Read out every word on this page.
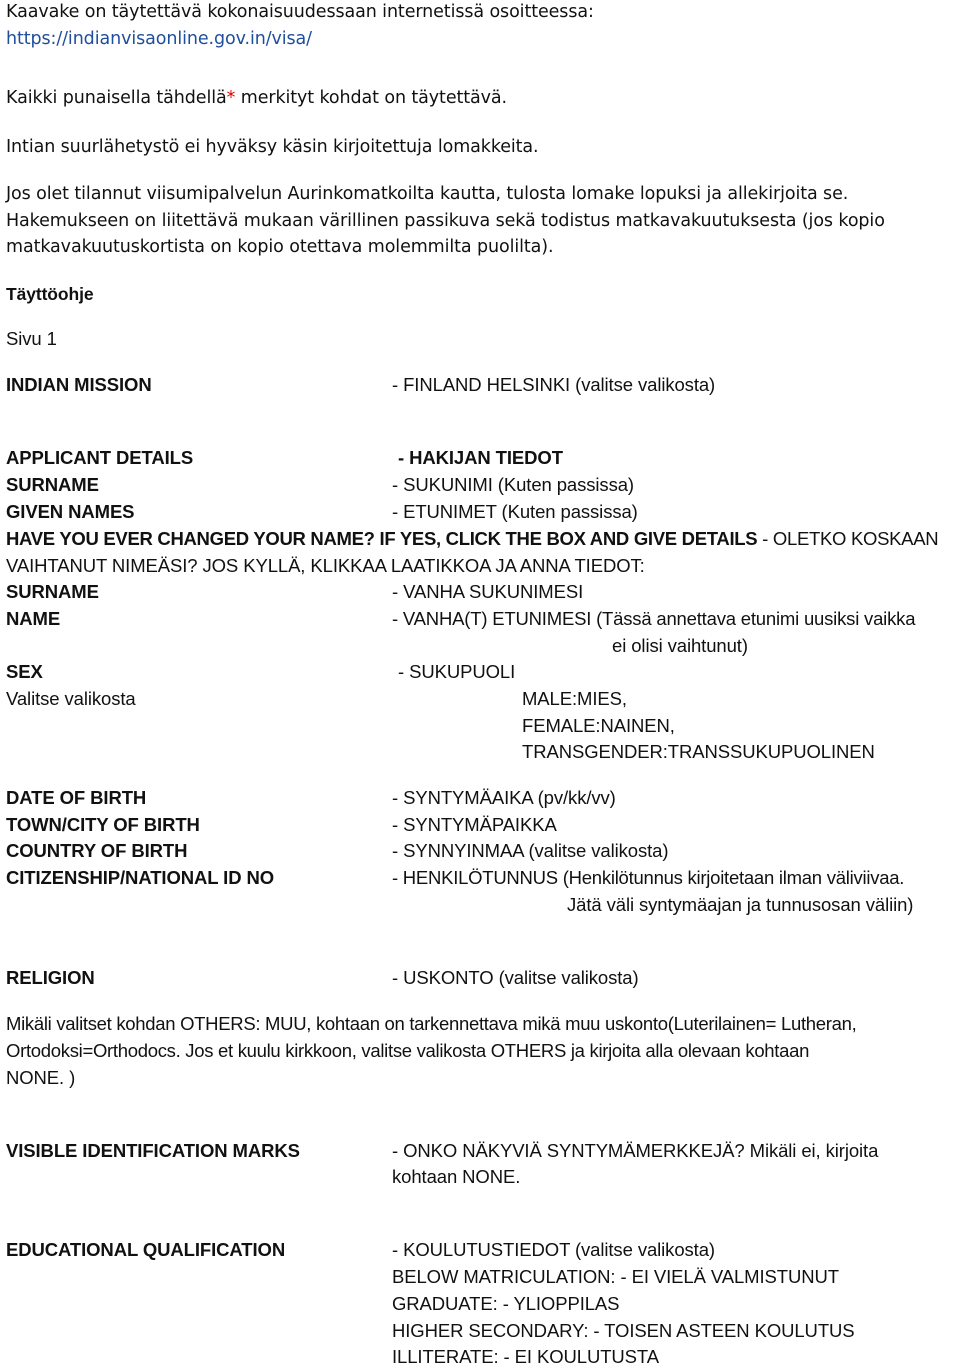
Kaavake on täytettävä kokonaisuudessaan internetissä osoitteessa:
https://indianvisaonline.gov.in/visa/
Kaikki punaisella tähdellä* merkityt kohdat on täytettävä.
Intian suurlähetystö ei hyväksy käsin kirjoitettuja lomakkeita.
Jos olet tilannut viisumipalvelun Aurinkomatkoilta kautta, tulosta lomake lopuksi ja allekirjoita se.
Hakemukseen on liitettävä mukaan värillinen passikuva sekä todistus matkavakuutuksesta (jos kopio
matkavakuutuskortista on kopio otettava molemmilta puolilta).
Täyttöohje
Sivu 1
INDIAN MISSION	- FINLAND HELSINKI (valitse valikosta)
APPLICANT DETAILS	- HAKIJAN TIEDOT
SURNAME	- SUKUNIMI (Kuten passissa)
GIVEN NAMES	- ETUNIMET (Kuten passissa)
HAVE YOU EVER CHANGED YOUR NAME? IF YES, CLICK THE BOX AND GIVE DETAILS - OLETKO KOSKAAN
VAIHTANUT NIMEÄSI? JOS KYLLÄ, KLIKKAA LAATIKKOA JA ANNA TIEDOT:
SURNAME	- VANHA SUKUNIMESI
NAME	- VANHA(T) ETUNIMESI (Tässä annettava etunimi uusiksi vaikka
ei olisi vaihtunut)
SEX	- SUKUPUOLI
Valitse valikosta	MALE:MIES,
FEMALE:NAINEN,
TRANSGENDER:TRANSSUKUPUOLINEN
DATE OF BIRTH	- SYNTYMÄAIKA (pv/kk/vv)
TOWN/CITY OF BIRTH	- SYNTYMÄPAIKKA
COUNTRY OF BIRTH	- SYNNYINMAA (valitse valikosta)
CITIZENSHIP/NATIONAL ID NO	- HENKILÖTUNNUS (Henkilötunnus kirjoitetaan ilman väliviivaa.
Jätä väli syntymäajan ja tunnusosan väliin)
RELIGION	- USKONTO (valitse valikosta)
Mikäli valitset kohdan OTHERS: MUU, kohtaan on tarkennettava mikä muu uskonto(Luterilainen= Lutheran,
Ortodoksi=Orthodocs. Jos et kuulu kirkkoon, valitse valikosta OTHERS ja kirjoita alla olevaan kohtaan
NONE. )
VISIBLE IDENTIFICATION MARKS	- ONKO NÄKYVIÄ SYNTYMÄMERKKEJÄ? Mikäli ei, kirjoita
kohtaan NONE.
EDUCATIONAL QUALIFICATION	- KOULUTUSTIEDOT (valitse valikosta)
BELOW MATRICULATION: - EI VIELÄ VALMISTUNUT
GRADUATE: - YLIOPPILAS
HIGHER SECONDARY: - TOISEN ASTEEN KOULUTUS
ILLITERATE: - EI KOULUTUSTA
